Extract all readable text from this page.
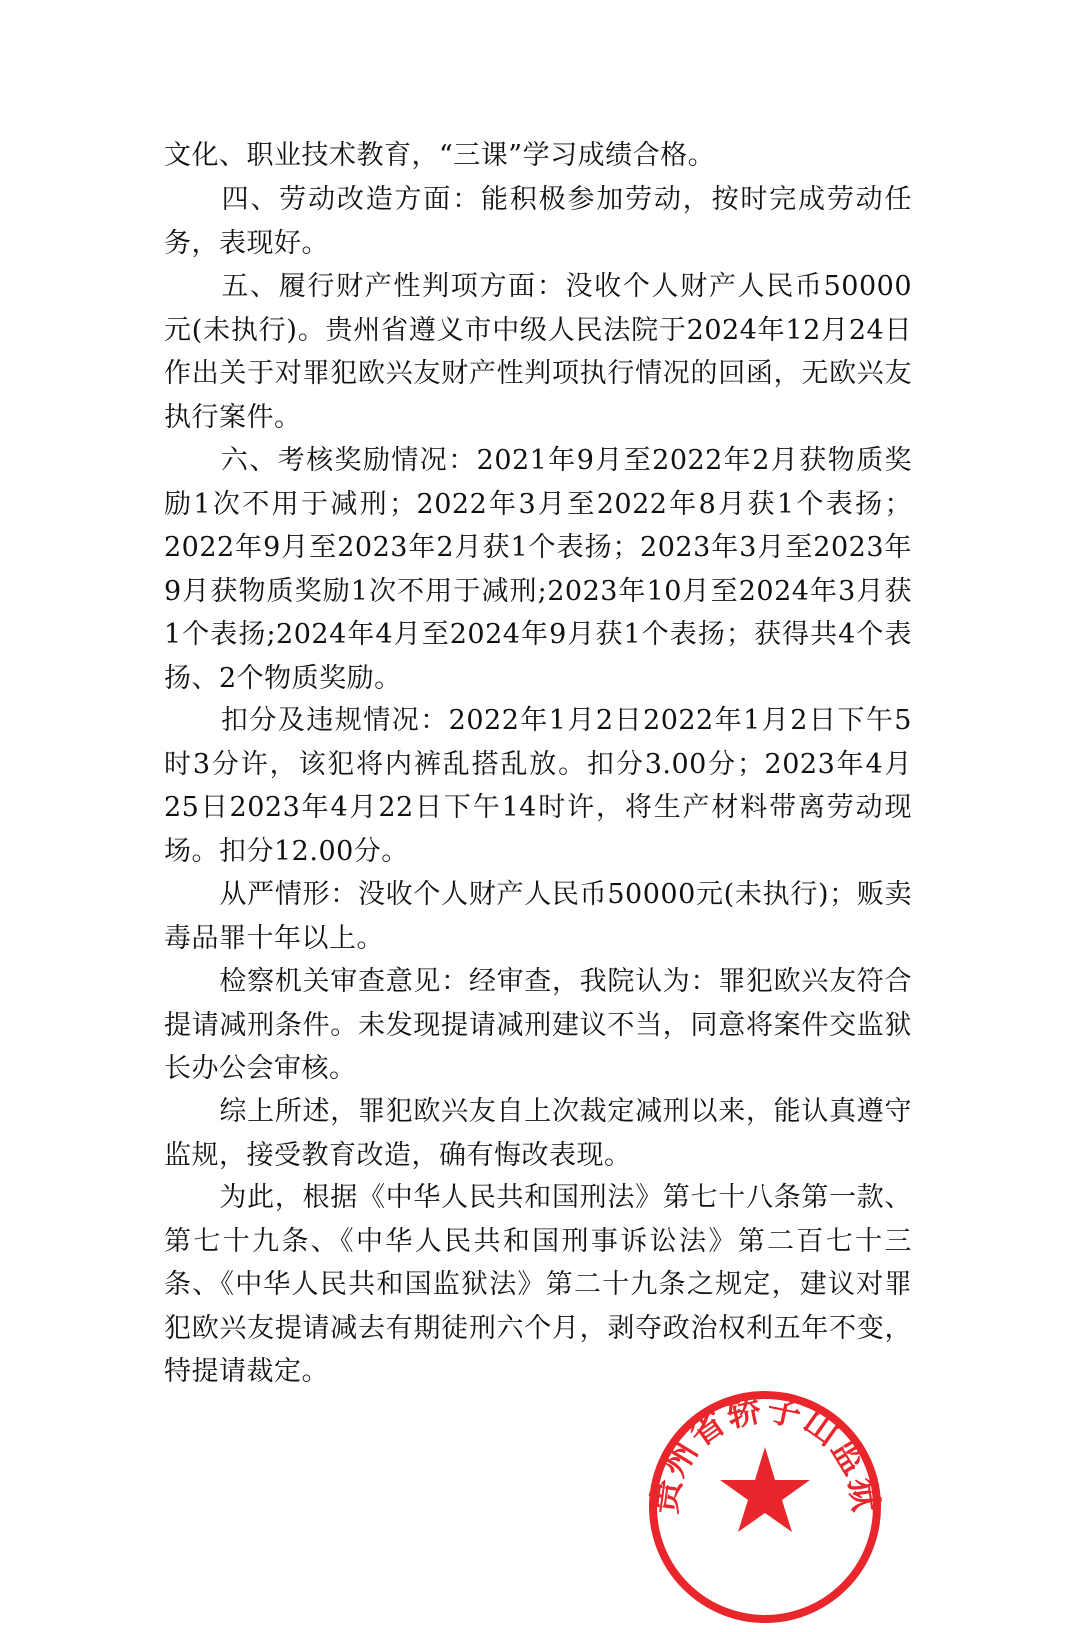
文化、职业技术教育，“三课”学习成绩合格。

　　四、劳动改造方面：能积极参加劳动，按时完成劳动任务，表现好。

　　五、履行财产性判项方面：没收个人财产人民币50000元(未执行)。贵州省遵义市中级人民法院于2024年12月24日作出关于对罪犯欧兴友财产性判项执行情况的回函，无欧兴友执行案件。

　　六、考核奖励情况：2021年9月至2022年2月获物质奖励1次不用于减刑；2022年3月至2022年8月获1个表扬；2022年9月至2023年2月获1个表扬；2023年3月至2023年9月获物质奖励1次不用于减刑;2023年10月至2024年3月获1个表扬;2024年4月至2024年9月获1个表扬；获得共4个表扬、2个物质奖励。

　　扣分及违规情况：2022年1月2日2022年1月2日下午5时3分许，该犯将内裤乱搭乱放。扣分3.00分；2023年4月25日2023年4月22日下午14时许，将生产材料带离劳动现场。扣分12.00分。

　　从严情形：没收个人财产人民币50000元(未执行)；贩卖毒品罪十年以上。

　　检察机关审查意见：经审查，我院认为：罪犯欧兴友符合提请减刑条件。未发现提请减刑建议不当，同意将案件交监狱长办公会审核。

　　综上所述，罪犯欧兴友自上次裁定减刑以来，能认真遵守监规，接受教育改造，确有悔改表现。

　　为此，根据《中华人民共和国刑法》第七十八条第一款、第七十九条、《中华人民共和国刑事诉讼法》第二百七十三条、《中华人民共和国监狱法》第二十九条之规定，建议对罪犯欧兴友提请减去有期徒刑六个月，剥夺政治权利五年不变，特提请裁定。

贵州省轿子山监狱
